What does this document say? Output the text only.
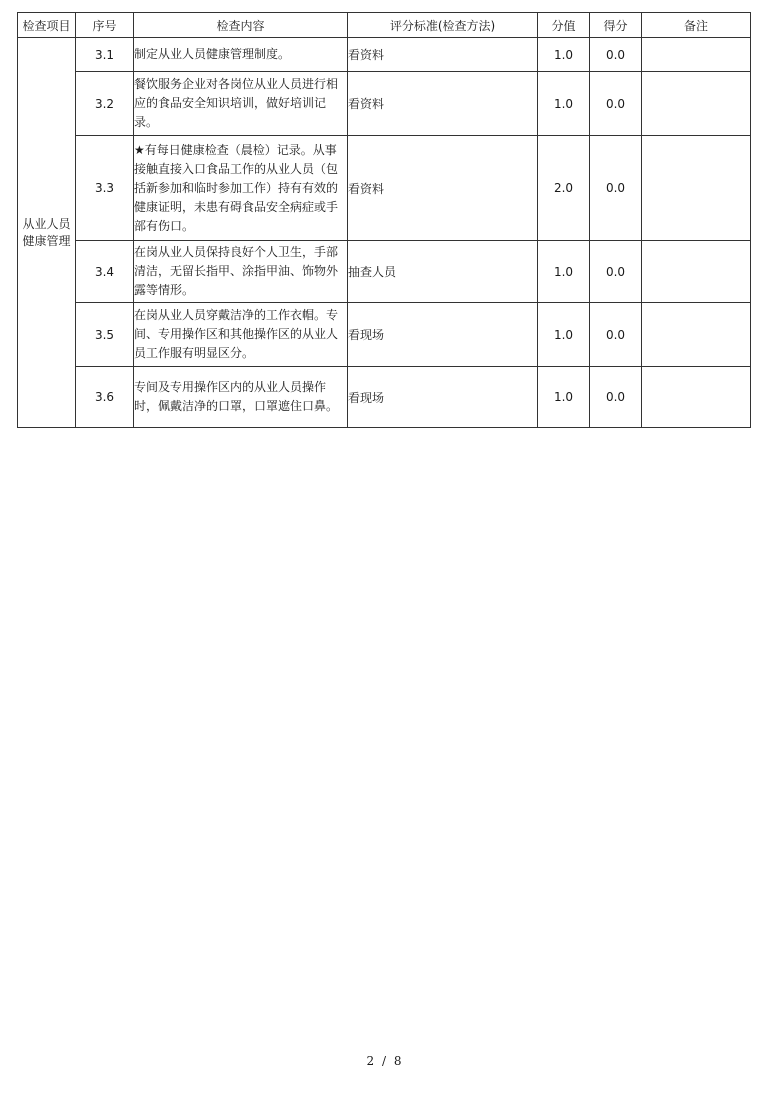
检查项目	序号	检查内容	评分标准(检查方法)	分值	得分	备注
从业人员健康管理	3.1	制定从业人员健康管理制度。	看资料	1.0	0.0	
	3.2	餐饮服务企业对各岗位从业人员进行相应的食品安全知识培训，做好培训记录。	看资料	1.0	0.0	
	3.3	★有每日健康检查（晨检）记录。从事接触直接入口食品工作的从业人员（包括新参加和临时参加工作）持有有效的健康证明，未患有碍食品安全病症或手部有伤口。	看资料	2.0	0.0	
	3.4	在岗从业人员保持良好个人卫生，手部清洁，无留长指甲、涂指甲油、饰物外露等情形。	抽查人员	1.0	0.0	
	3.5	在岗从业人员穿戴洁净的工作衣帽。专间、专用操作区和其他操作区的从业人员工作服有明显区分。	看现场	1.0	0.0	
	3.6	专间及专用操作区内的从业人员操作时，佩戴洁净的口罩，口罩遮住口鼻。	看现场	1.0	0.0	
2 / 8
